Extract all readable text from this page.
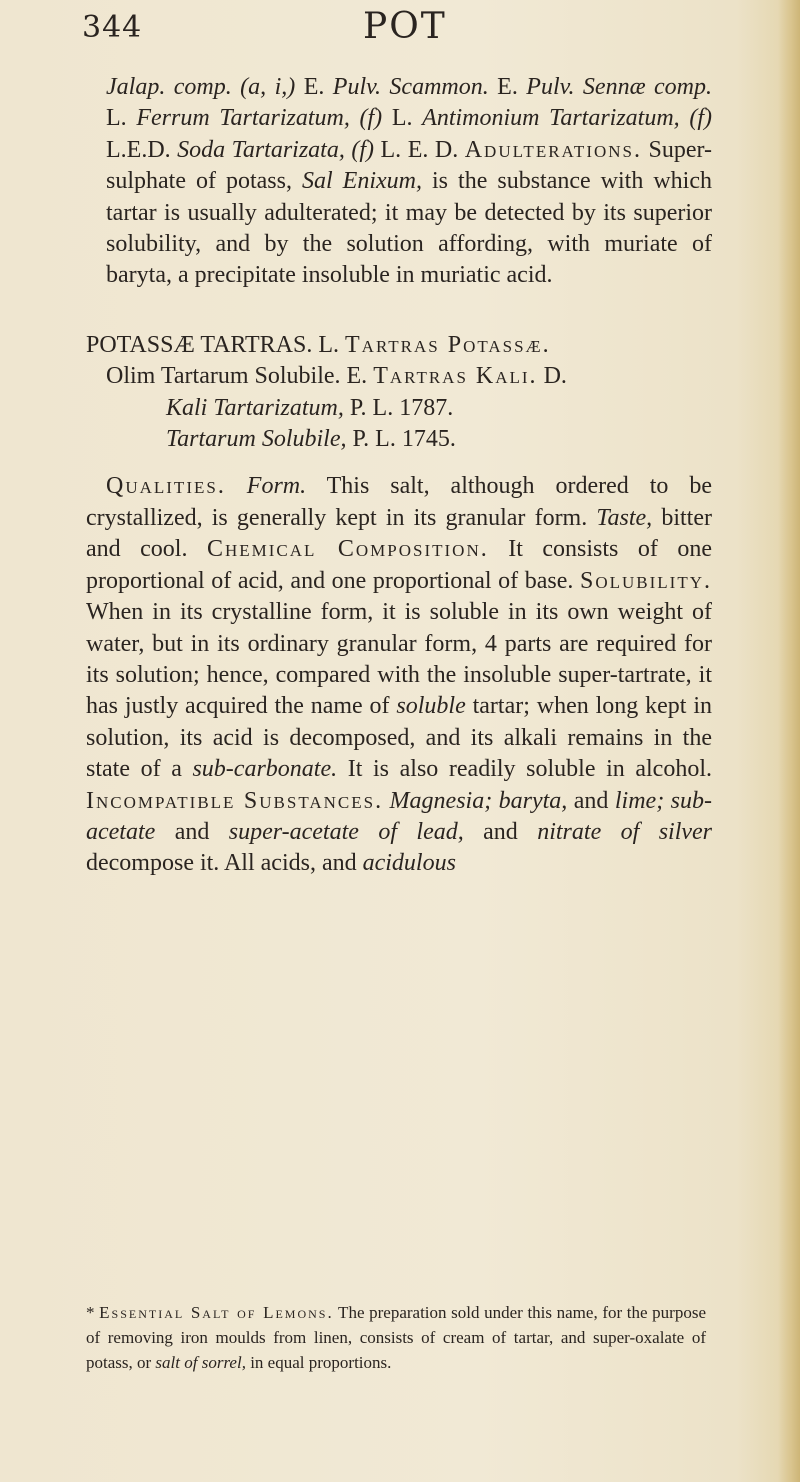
344	POT

Jalap. comp. (a, i,) E. Pulv. Scammon. E. Pulv. Sennæ comp. L. Ferrum Tartarizatum, (f) L. Antimonium Tartarizatum, (f) L.E.D. Soda Tartarizata, (f) L. E. D. Adulterations. Super-sulphate of potass, Sal Enixum, is the substance with which tartar is usually adulterated; it may be detected by its superior solubility, and by the solution affording, with muriate of baryta, a precipitate insoluble in muriatic acid.

POTASSÆ TARTRAS. L. Tartras Potassæ.

Olim Tartarum Solubile. E. Tartras Kali. D.

Kali Tartarizatum, P. L. 1787.

Tartarum Solubile, P. L. 1745.

Qualities. Form. This salt, although ordered to be crystallized, is generally kept in its granular form. Taste, bitter and cool. Chemical Composition. It consists of one proportional of acid, and one proportional of base. Solubility. When in its crystalline form, it is soluble in its own weight of water, but in its ordinary granular form, 4 parts are required for its solution; hence, compared with the insoluble super-tartrate, it has justly acquired the name of soluble tartar; when long kept in solution, its acid is decomposed, and its alkali remains in the state of a sub-carbonate. It is also readily soluble in alcohol. Incompatible Substances. Magnesia; baryta, and lime; sub-acetate and super-acetate of lead, and nitrate of silver decompose it. All acids, and acidulous

* Essential Salt of Lemons. The preparation sold under this name, for the purpose of removing iron moulds from linen, consists of cream of tartar, and super-oxalate of potass, or salt of sorrel, in equal proportions.
